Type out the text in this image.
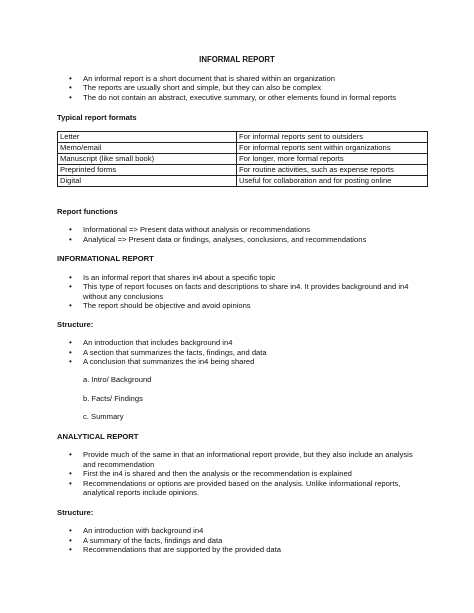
INFORMAL REPORT
• An informal report is a short document that is shared within an organization
• The reports are usually short and simple, but they can also be complex
• The do not contain an abstract, executive summary, or other elements found in formal reports
Typical report formats
Letter	For informal reports sent to outsiders
Memo/email	For informal reports sent within organizations
Manuscript (like small book)	For longer, more formal reports
Preprinted forms	For routine activities, such as expense reports
Digital	Useful for collaboration and for posting online
Report functions
• Informational => Present data without analysis or recommendations
• Analytical => Present data or findings, analyses, conclusions, and recommendations
INFORMATIONAL REPORT
• Is an informal report that shares in4 about a specific topic
• This type of report focuses on facts and descriptions to share in4. It provides background and in4 without any conclusions
• The report should be objective and avoid opinions
Structure:
• An introduction that includes background in4
• A section that summarizes the facts, findings, and data
• A conclusion that summarizes the in4 being shared
a. Intro/ Background
b. Facts/ Findings
c. Summary
ANALYTICAL REPORT
• Provide much of the same in that an informational report provide, but they also include an analysis and recommendation
• First the in4 is shared and then the analysis or the recommendation is explained
• Recommendations or options are provided based on the analysis. Unlike informational reports, analytical reports include opinions.
Structure:
• An introduction with background in4
• A summary of the facts, findings and data
• Recommendations that are supported by the provided data
